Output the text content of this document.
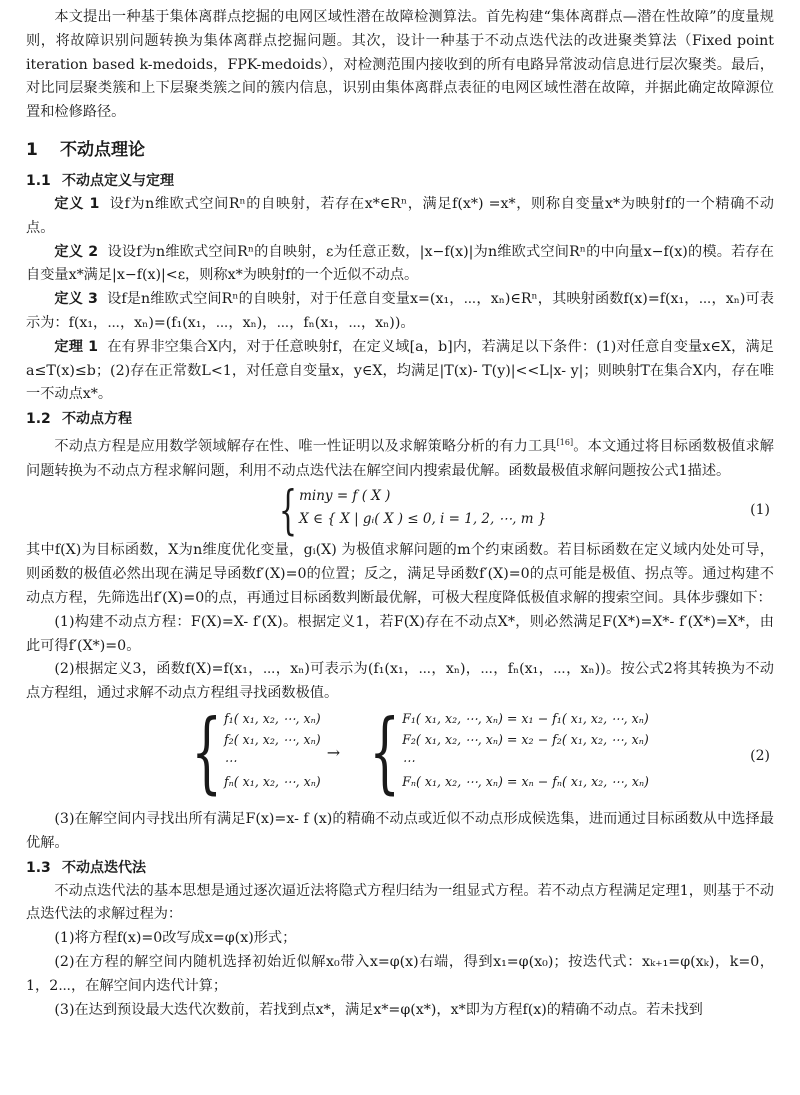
本文提出一种基于集体离群点挖掘的电网区域性潜在故障检测算法。首先构建“集体离群点—潜在性故障”的度量规则，将故障识别问题转换为集体离群点挖掘问题。其次，设计一种基于不动点迭代法的改进聚类算法（Fixed point iteration based k-medoids，FPK-medoids），对检测范围内接收到的所有电路异常波动信息进行层次聚类。最后，对比同层聚类簇和上下层聚类簇之间的簇内信息，识别由集体离群点表征的电网区域性潜在故障，并据此确定故障源位置和检修路径。

1 不动点理论
1.1 不动点定义与定理

定义 1 设f为n维欧式空间Rⁿ的自映射，若存在x*∈Rⁿ，满足f(x*) =x*，则称自变量x*为映射f的一个精确不动点。

定义 2 设设f为n维欧式空间Rⁿ的自映射，ε为任意正数，|x−f(x)|为n维欧式空间Rⁿ的中向量x−f(x)的模。若存在自变量x*满足|x−f(x)|<ε，则称x*为映射f的一个近似不动点。

定义 3 设f是n维欧式空间Rⁿ的自映射，对于任意自变量x=(x₁，⋯，xₙ)∈Rⁿ，其映射函数f(x)=f(x₁，⋯，xₙ)可表示为：f(x₁，⋯，xₙ)=(f₁(x₁，⋯，xₙ)，⋯，fₙ(x₁，⋯，xₙ))。

定理 1 在有界非空集合X内，对于任意映射f，在定义域[a，b]内，若满足以下条件：(1)对任意自变量x∈X，满足a≤T(x)≤b；(2)存在正常数L<1，对任意自变量x，y∈X，均满足|T(x)- T(y)|<<L|x- y|；则映射T在集合X内，存在唯一不动点x*。

1.2 不动点方程

不动点方程是应用数学领域解存在性、唯一性证明以及求解策略分析的有力工具[16]。本文通过将目标函数极值求解问题转换为不动点方程求解问题，利用不动点迭代法在解空间内搜索最优解。函数最极值求解问题按公式1描述。

{ miny = f ( X )
X ∈ { X | gᵢ( X ) ≤ 0, i = 1, 2, ⋯, m }
(1)

其中f(X)为目标函数，X为n维度优化变量，gᵢ(X) 为极值求解问题的m个约束函数。若目标函数在定义域内处处可导，则函数的极值必然出现在满足导函数f′(X)=0的位置；反之，满足导函数f′(X)=0的点可能是极值、拐点等。通过构建不动点方程，先筛选出f′(X)=0的点，再通过目标函数判断最优解，可极大程度降低极值求解的搜索空间。具体步骤如下：

(1)构建不动点方程：F(X)=X- f′(X)。根据定义1，若F(X)存在不动点X*，则必然满足F(X*)=X*- f′(X*)=X*，由此可得f′(X*)=0。

(2)根据定义3，函数f(X)=f(x₁，⋯，xₙ)可表示为(f₁(x₁，⋯，xₙ)，⋯，fₙ(x₁，⋯，xₙ))。按公式2将其转换为不动点方程组，通过求解不动点方程组寻找函数极值。

{ f₁( x₁, x₂, ⋯, xₙ)
f₂( x₁, x₂, ⋯, xₙ)
⋯
fₙ( x₁, x₂, ⋯, xₙ)
→ { F₁( x₁, x₂, ⋯, xₙ) = x₁ − f₁( x₁, x₂, ⋯, xₙ)
F₂( x₁, x₂, ⋯, xₙ) = x₂ − f₂( x₁, x₂, ⋯, xₙ)
⋯
Fₙ( x₁, x₂, ⋯, xₙ) = xₙ − fₙ( x₁, x₂, ⋯, xₙ)
(2)

(3)在解空间内寻找出所有满足F(x)=x- f (x)的精确不动点或近似不动点形成候选集，进而通过目标函数从中选择最优解。

1.3 不动点迭代法

不动点迭代法的基本思想是通过逐次逼近法将隐式方程归结为一组显式方程。若不动点方程满足定理1，则基于不动点迭代法的求解过程为：

(1)将方程f(x)=0改写成x=φ(x)形式；

(2)在方程的解空间内随机选择初始近似解x₀带入x=φ(x)右端，得到x₁=φ(x₀)；按迭代式：xₖ₊₁=φ(xₖ)，k=0，1，2⋯，在解空间内迭代计算；

(3)在达到预设最大迭代次数前，若找到点x*，满足x*=φ(x*)，x*即为方程f(x)的精确不动点。若未找到
